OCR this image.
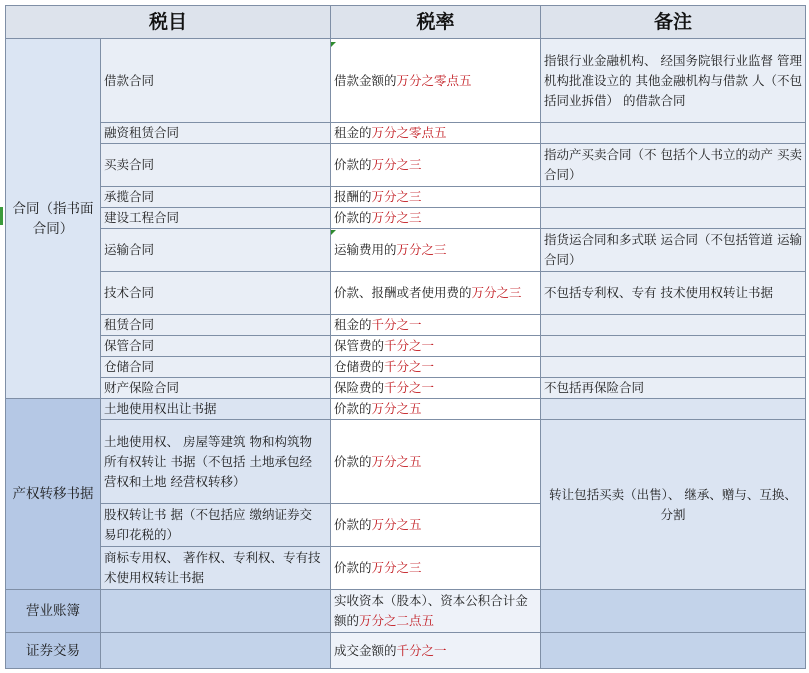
税目		税率	备注
合同（指书面合同）	借款合同	借款金额的万分之零点五	指银行业金融机构、 经国务院银行业监督 管理机构批准设立的 其他金融机构与借款 人（不包括同业拆借） 的借款合同
	融资租赁合同	租金的万分之零点五	
	买卖合同	价款的万分之三	指动产买卖合同（不 包括个人书立的动产 买卖合同）
	承揽合同	报酬的万分之三	
	建设工程合同	价款的万分之三	
	运输合同	运输费用的万分之三	指货运合同和多式联 运合同（不包括管道 运输合同）
	技术合同	价款、报酬或者使用费的万分之三	不包括专利权、专有 技术使用权转让书据
	租赁合同	租金的千分之一	
	保管合同	保管费的千分之一	
	仓储合同	仓储费的千分之一	
	财产保险合同	保险费的千分之一	不包括再保险合同
产权转移书据	土地使用权出让书据	价款的万分之五	
	土地使用权、 房屋等建筑 物和构筑物 所有权转让 书据（不包括 土地承包经 营权和土地 经营权转移）	价款的万分之五	转让包括买卖（出售）、 继承、赠与、互换、分割
	股权转让书 据（不包括应 缴纳证券交 易印花税的）	价款的万分之五	
	商标专用权、 著作权、专利权、专有技术使用权转让书据	价款的万分之三	
营业账簿		实收资本（股本）、资本公积合计金额的万分之二点五	
证券交易		成交金额的千分之一	
